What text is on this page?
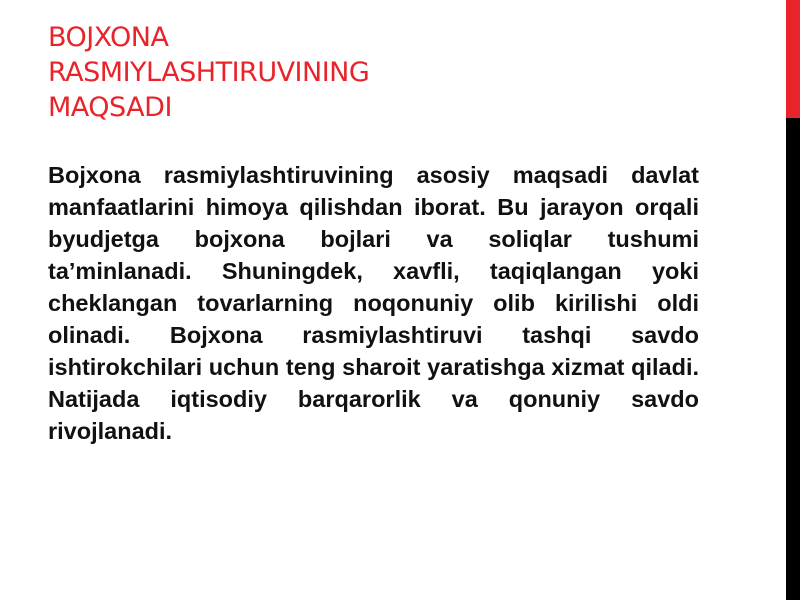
BOJXONA
RASMIYLASHTIRUVINING
MAQSADI

Bojxona rasmiylashtiruvining asosiy maqsadi davlat manfaatlarini himoya qilishdan iborat. Bu jarayon orqali byudjetga bojxona bojlari va soliqlar tushumi ta’minlanadi. Shuningdek, xavfli, taqiqlangan yoki cheklangan tovarlarning noqonuniy olib kirilishi oldi olinadi. Bojxona rasmiylashtiruvi tashqi savdo ishtirokchilari uchun teng sharoit yaratishga xizmat qiladi. Natijada iqtisodiy barqarorlik va qonuniy savdo rivojlanadi.
